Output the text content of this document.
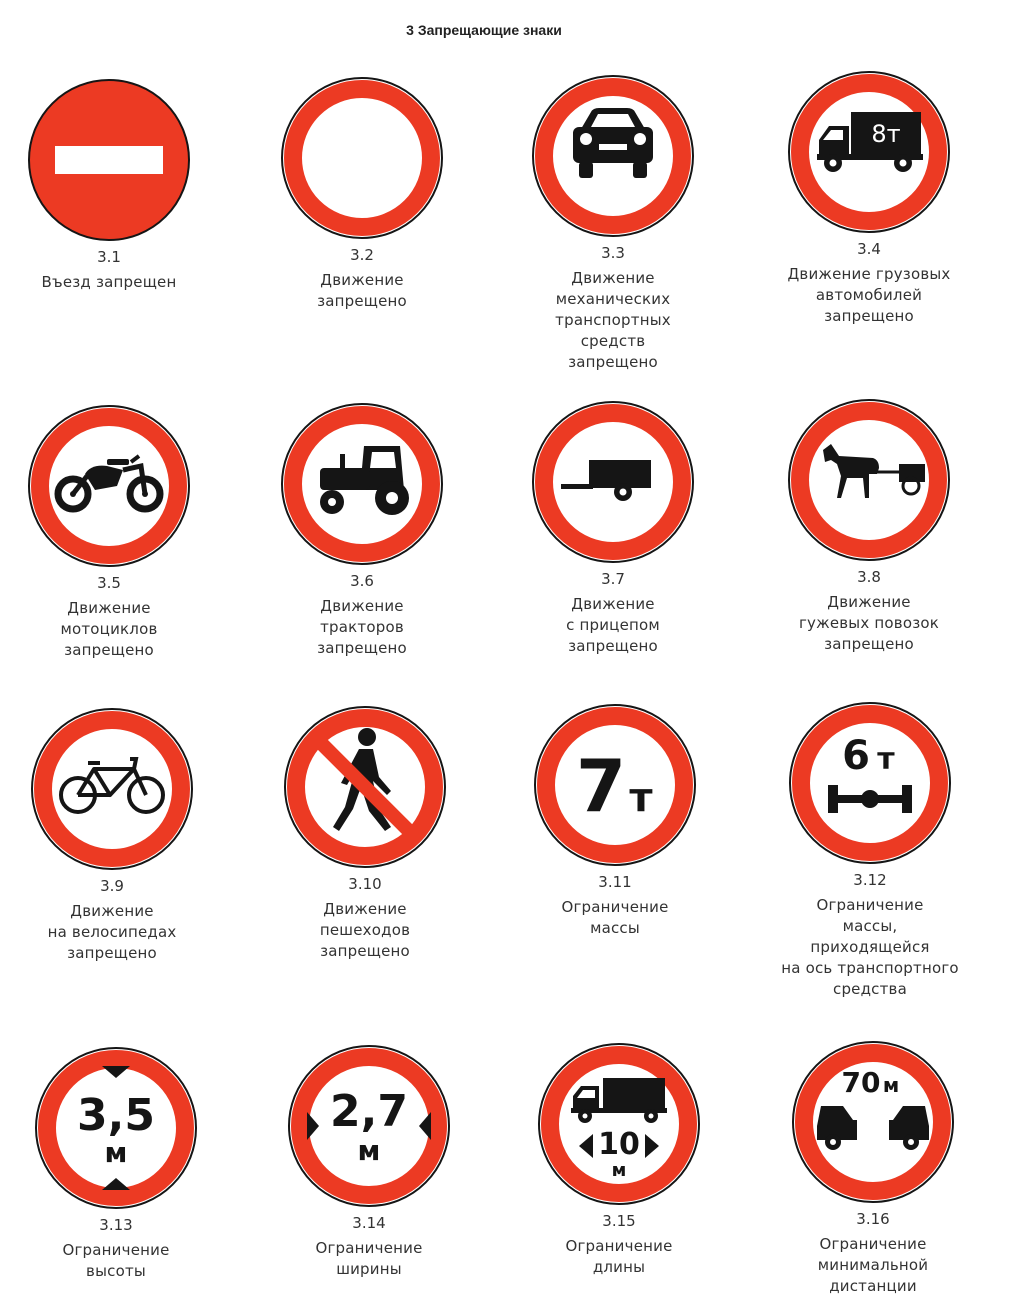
3 Запрещающие знаки
3.1
Въезд запрещен
3.2
Движение
запрещено
3.3
Движение
механических
транспортных
средств
запрещено
8т
3.4
Движение грузовых
автомобилей
запрещено
3.5
Движение
мотоциклов
запрещено
3.6
Движение
тракторов
запрещено
3.7
Движение
с прицепом
запрещено
3.8
Движение
гужевых повозок
запрещено
3.9
Движение
на велосипедах
запрещено
3.10
Движение
пешеходов
запрещено
7 т
3.11
Ограничение
массы
6 т
3.12
Ограничение
массы,
приходящейся
на ось транспортного
средства
3,5
м
3.13
Ограничение
высоты
2,7
м
3.14
Ограничение
ширины
10
м
3.15
Ограничение
длины
70 м
3.16
Ограничение
минимальной
дистанции
